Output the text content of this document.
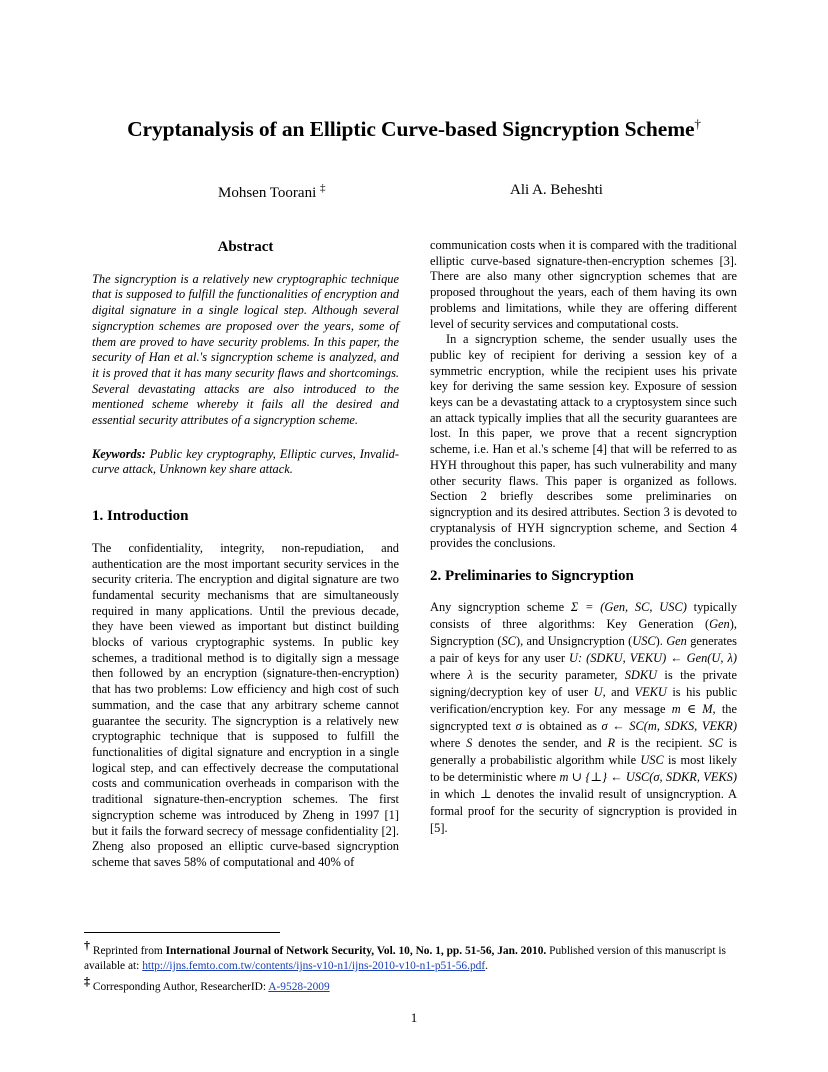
Cryptanalysis of an Elliptic Curve-based Signcryption Scheme†
Mohsen Toorani ‡	Ali A. Beheshti
Abstract

The signcryption is a relatively new cryptographic technique that is supposed to fulfill the functionalities of encryption and digital signature in a single logical step. Although several signcryption schemes are proposed over the years, some of them are proved to have security problems. In this paper, the security of Han et al.'s signcryption scheme is analyzed, and it is proved that it has many security flaws and shortcomings. Several devastating attacks are also introduced to the mentioned scheme whereby it fails all the desired and essential security attributes of a signcryption scheme.

Keywords: Public key cryptography, Elliptic curves, Invalid-curve attack, Unknown key share attack.

1. Introduction

The confidentiality, integrity, non-repudiation, and authentication are the most important security services in the security criteria. The encryption and digital signature are two fundamental security mechanisms that are simultaneously required in many applications. Until the previous decade, they have been viewed as important but distinct building blocks of various cryptographic systems. In public key schemes, a traditional method is to digitally sign a message then followed by an encryption (signature-then-encryption) that has two problems: Low efficiency and high cost of such summation, and the case that any arbitrary scheme cannot guarantee the security. The signcryption is a relatively new cryptographic technique that is supposed to fulfill the functionalities of digital signature and encryption in a single logical step, and can effectively decrease the computational costs and communication overheads in comparison with the traditional signature-then-encryption schemes. The first signcryption scheme was introduced by Zheng in 1997 [1] but it fails the forward secrecy of message confidentiality [2]. Zheng also proposed an elliptic curve-based signcryption scheme that saves 58% of computational and 40% of

communication costs when it is compared with the traditional elliptic curve-based signature-then-encryption schemes [3]. There are also many other signcryption schemes that are proposed throughout the years, each of them having its own problems and limitations, while they are offering different level of security services and computational costs.

In a signcryption scheme, the sender usually uses the public key of recipient for deriving a session key of a symmetric encryption, while the recipient uses his private key for deriving the same session key. Exposure of session keys can be a devastating attack to a cryptosystem since such an attack typically implies that all the security guarantees are lost. In this paper, we prove that a recent signcryption scheme, i.e. Han et al.'s scheme [4] that will be referred to as HYH throughout this paper, has such vulnerability and many other security flaws. This paper is organized as follows. Section 2 briefly describes some preliminaries on signcryption and its desired attributes. Section 3 is devoted to cryptanalysis of HYH signcryption scheme, and Section 4 provides the conclusions.

2. Preliminaries to Signcryption

Any signcryption scheme Σ = (Gen, SC, USC) typically consists of three algorithms: Key Generation (Gen), Signcryption (SC), and Unsigncryption (USC). Gen generates a pair of keys for any user U: (SDKU, VEKU) ← Gen(U, λ) where λ is the security parameter, SDKU is the private signing/decryption key of user U, and VEKU is his public verification/encryption key. For any message m ∈ M, the signcrypted text σ is obtained as σ ← SC(m, SDKS, VEKR) where S denotes the sender, and R is the recipient. SC is generally a probabilistic algorithm while USC is most likely to be deterministic where m ∪ {⊥} ← USC(σ, SDKR, VEKS) in which ⊥ denotes the invalid result of unsigncryption. A formal proof for the security of signcryption is provided in [5].

† Reprinted from International Journal of Network Security, Vol. 10, No. 1, pp. 51-56, Jan. 2010. Published version of this manuscript is available at: http://ijns.femto.com.tw/contents/ijns-v10-n1/ijns-2010-v10-n1-p51-56.pdf.

‡ Corresponding Author, ResearcherID: A-9528-2009

1
